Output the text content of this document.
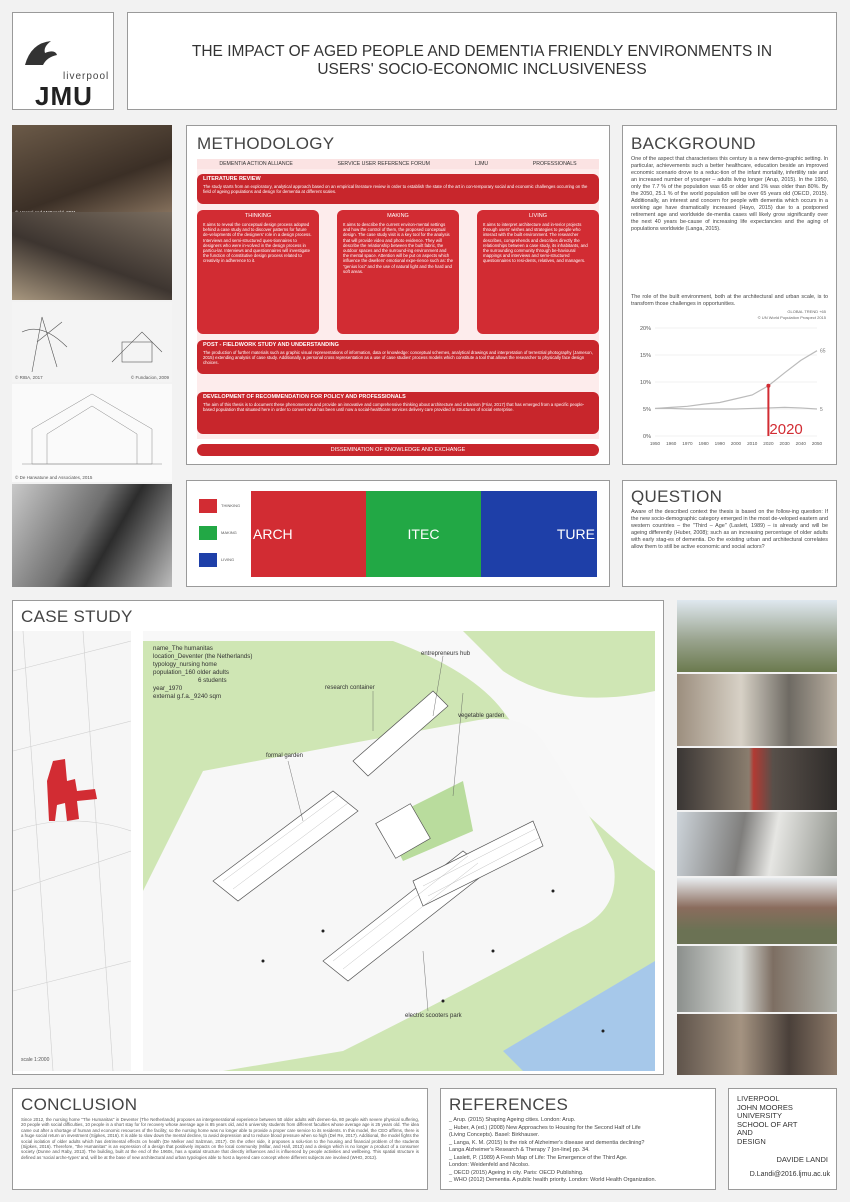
liverpool
JMU
THE IMPACT OF AGED PEOPLE AND DEMENTIA FRIENDLY ENVIRONMENTS IN
USERS' SOCIO-ECONOMIC INCLUSIVENESS
© RIBA, 2017	© Fundacion, 2009
© De Harwatune and Associates, 2015
METHODOLOGY
DEMENTIA ACTION ALLIANCE	SERVICE USER REFERENCE FORUM	LJMU	PROFESSIONALS
LITERATURE REVIEW
The study starts from an exploratory, analytical approach based on an empirical literature review in order to establish the state of the art in con-temporary social and economic challenges occurring on the field of ageing populations and design for dementia at different scales.
THINKING
It aims to reveal the conceptual design process adopted behind a case study and to discover patterns for future de-velopments of the designers' role in a design process. Interviews and semi-structured ques-tionnaires to designers who were in-volved in the design process in particu-lar. Interviews and questionnaires will investigate the function of constitutive design process related to creativity in adherence to it.
MAKING
It aims to describe the current environ-mental settings and how the control of them, the proposed conceptual design. The case study visit is a key tool for the analysis that will provide video and photo evidence. They will describe the relationship between the built fabric, the outdoor spaces and the surround-ing environment and the mental space. Attention will be put on aspects which influence the dwellers' emotional expe-rience such as: the "genius loci" and the use of natural light and the hard and soft areas.
LIVING
It aims to interpret architecture and in-terior projects through users' wishes and strategies to people who interact with the built environment. The researcher describes, comprehends and describes directly the relationships between a case study, its inhabitants, and the surrounding community through be-havioural mappings and interviews and semi-structured questionnaires to resi-dents, relatives, and managers.
POST - FIELDWORK STUDY AND UNDERSTANDING
The production of further materials such as graphic visual representations of information, data or knowledge: conceptual schemes, analytical drawings and interpretation of terrestrial photography (Jameson, 2015) extending analysis of case study. Additionally, a personal cross representation as a use of case studies' process models which constitute a tool that allows the researcher to physically face design choices.
DEVELOPMENT OF RECOMMENDATION FOR POLICY AND PROFESSIONALS
The aim of this thesis is to document these phenomenons and provide an innovative and comprehensive thinking about architecture and urbanism (Friar, 2017) that has emerged from a specific people-based population that situated here in order to convert what has been until now a social-healthcare services delivery care provided in structures of social enterprise.
DISSEMINATION OF KNOWLEDGE AND EXCHANGE
THINKING
MAKING
LIVING
ARCH	ITEC	TURE
BACKGROUND
One of the aspect that characterises this century is a new demo-graphic setting. In particular, achievements such a better healthcare, education beside an improved economic scenario drove to a reduc-tion of the infant mortality, infertility rate and an increased number of younger – adults living longer (Arup, 2015). In the 1950, only the 7.7 % of the population was 65 or older and 1% was older than 80%. By the 2050, 25.1 % of the world population will be over 65 years old (OECD, 2015). Additionally, an interest and concern for people with dementia which occurs in a working age have dramatically increased (Hayo, 2015) due to a postponed retirement age and worldwide de-mentia cases will likely grow significantly over the next 40 years be-cause of increasing life expectancies and the aging of populations worldwide (Langa, 2015).
The role of the built environment, both at the architectural and urban scale, is to transform those challenges in opportunities.
GLOBAL TREND +65
© UN World Population Prospect 2015
0%
5%
10%
15%
20%
1950 1960 1970 1980 1990 2000 2010 2020 2030 2040 2050
65
5
2020
QUESTION
Aware of the described context the thesis is based on the follow-ing question: If the new socio-demographic category emerged in the most de-veloped eastern and western countries – the "Third – Age" (Laslett, 1989) – is already and will be ageing differently (Huber, 2008); such as an increasing percentage of older adults with early stag-es of dementia. Do the existing urban and architectural correlates allow them to still be active economic and social actors?
CASE STUDY
scale 1:2000
name_The humanitas
location_Deventer (the Netherlands)
typology_nursing home
population_160 older adults
6 students
year_1970
external g.f.a._9240 sqm
entrepreneurs hub
research container
formal garden
vegetable garden
electric scooters park
CONCLUSION
Since 2012, the nursing home "The Humanitas" in Deventer (The Netherlands) proposes an intergenerational experience between 50 older adults with demen-tia, 80 people with severe physical suffering, 20 people with social difficulties, 10 people in a short stay for for recovery whose average age is 85 years old, and 6 university students from different faculties whose average age is 25 years old. The idea came out after a shortage of human and economic resources of the facility; so the nursing home was no longer able to provide a proper care service to its residents. In this model, the CEO affirms, there is a huge social return on investment (Sijpkes, 2016). It is able to slow down the mental decline, to avoid depression and to reduce blood pressure when so high (Del Re, 2017). Additional, the model fights the social isolation of older adults which has detrimental effects on health (De Melker and Salzman, 2017). On the other side, it proposes a solu-tion to the housing and financial problem of the students (Sijpkes, 2016). Therefore, "the Humanitas" is an expression of a design that positively impacts on the local community (Millar, and Hall, 2013) and a design which is no longer a product of a consumer society (Dunne and Raby, 2013). The building, built at the end of the 1960s, has a spatial structure that directly influences and is influenced by people activities and wellbeing. This spatial structure is defined as 'social arche-types' and, will be at the base of new architectural and urban typologies able to host a layered care concept where different subjects are involved (WHO, 2012).
REFERENCES
_ Arup. (2015) Shaping Ageing cities. London: Arup.
_ Huber, A (ed.) (2008) New Approaches to Housing for the Second Half of Life
(Living Concepts). Basel: Birkhauser.
_ Langa, K. M. (2015) Is the risk of Alzheimer's disease and dementia declining?
Langa Alzheimer's Research & Therapy 7 [on-line] pp. 34.
_ Laslett, P. (1989) A Fresh Map of Life: The Emergence of the Third Age.
London: Weidenfeld and Nicolso.
_ OECD (2015) Ageing in city. Paris: OECD Publishing.
_ WHO (2012) Dementia. A public health priority. London: World Health Organization.
LIVERPOOL
JOHN MOORES
UNIVERSITY
SCHOOL OF ART
AND
DESIGN
DAVIDE LANDI
D.Landi@2016.ljmu.ac.uk
